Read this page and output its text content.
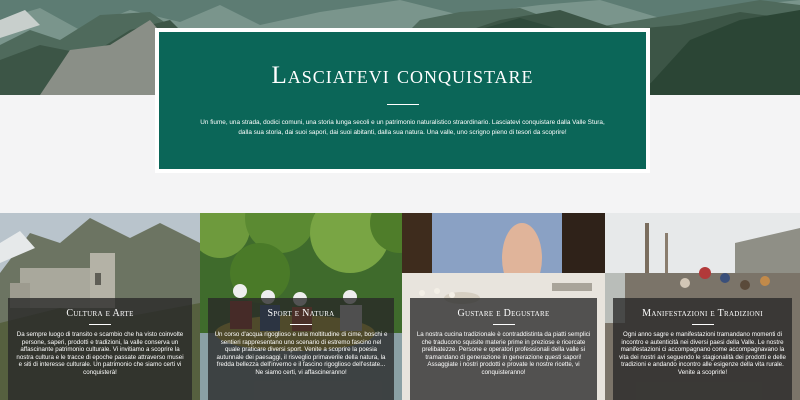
Lasciatevi conquistare

Un fiume, una strada, dodici comuni, una storia lunga secoli e un patrimonio naturalistico straordinario. Lasciatevi conquistare dalla Valle Stura, dalla sua storia, dai suoi sapori, dai suoi abitanti, dalla sua natura. Una valle, uno scrigno pieno di tesori da scoprire!

Cultura e Arte

Da sempre luogo di transito e scambio che ha visto coinvolte persone, saperi, prodotti e tradizioni, la valle conserva un affascinante patrimonio culturale. Vi invitiamo a scoprire la nostra cultura e le tracce di epoche passate attraverso musei e siti di interesse culturale. Un patrimonio che siamo certi vi conquisterà!

Sport e Natura

Un corso d'acqua rigoglioso e una moltitudine di cime, boschi e sentieri rappresentano uno scenario di estremo fascino nel quale praticare diversi sport. Venite a scoprire la poesia autunnale dei paesaggi, il risveglio primaverile della natura, la fredda bellezza dell'inverno e il fascino rigoglioso dell'estate... Ne siamo certi, vi affascineranno!

Gustare e Degustare

La nostra cucina tradizionale è contraddistinta da piatti semplici che traducono squisite materie prime in preziose e ricercate prelibatezze. Persone e operatori professionali della valle si tramandano di generazione in generazione questi sapori! Assaggiate i nostri prodotti e provate le nostre ricette, vi conquisteranno!

Manifestazioni e Tradizioni

Ogni anno sagre e manifestazioni tramandano momenti di incontro e autenticità nei diversi paesi della Valle. Le nostre manifestazioni ci accompagnano come accompagnavano la vita dei nostri avi seguendo le stagionalità dei prodotti e delle tradizioni e andando incontro alle esigenze della vita rurale. Venite a scoprirle!
